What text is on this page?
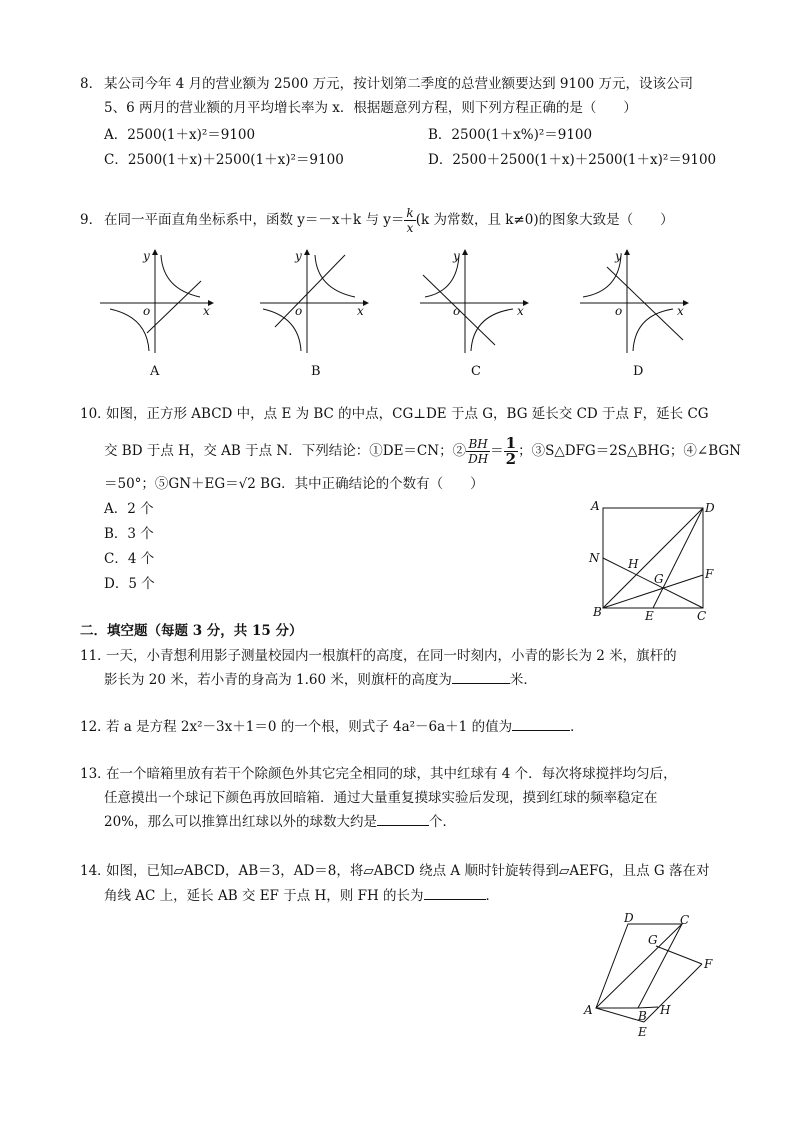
8． 某公司今年 4 月的营业额为 2500 万元，按计划第二季度的总营业额要达到 9100 万元，设该公司
5、6 两月的营业额的月平均增长率为 x．根据题意列方程，则下列方程正确的是（　　）
A．2500(1＋x)²＝9100	B．2500(1＋x%)²＝9100
C．2500(1＋x)＋2500(1＋x)²＝9100	D．2500＋2500(1＋x)＋2500(1＋x)²＝9100
9． 在同一平面直角坐标系中，函数 y＝－x＋k 与 $y= \frac{k}{x} (k$ 为常数，且 k≠0)的图象大致是（　　）
x
y
o
A
x
y
o
B
x
y
o
C
x
y
o
D
10．如图，正方形 ABCD 中，点 E 为 BC 的中点，CG⊥DE 于点 G，BG 延长交 CD 于点 F，延长 CG
交 BD 于点 H，交 AB 于点 N．下列结论：①DE＝CN；② $\frac{BH}{DH} = \frac{1}{2}$ ；③S△DFG＝2S△BHG；④∠BGN
＝50°；⑤GN＋EG＝√2 BG．其中正确结论的个数有（　　）
A．2 个
B．3 个
C．4 个
D．5 个
A	D
B	C
E
F
G
H
N
二．填空题（每题 3 分，共 15 分）
11．一天，小青想利用影子测量校园内一根旗杆的高度，在同一时刻内，小青的影长为 2 米，旗杆的
影长为 20 米，若小青的身高为 1.60 米，则旗杆的高度为	米．
12．若 a 是方程 2x²－3x＋1＝0 的一个根，则式子 4a²－6a＋1 的值为	．
13．在一个暗箱里放有若干个除颜色外其它完全相同的球，其中红球有 4 个．每次将球搅拌均匀后，
任意摸出一个球记下颜色再放回暗箱．通过大量重复摸球实验后发现，摸到红球的频率稳定在
20%，那么可以推算出红球以外的球数大约是	个．
14．如图，已知▱ABCD，AB＝3，AD＝8，将▱ABCD 绕点 A 顺时针旋转得到▱AEFG，且点 G 落在对
角线 AC 上，延长 AB 交 EF 于点 H，则 FH 的长为	．
A	B
C
D
E
F
G
H
